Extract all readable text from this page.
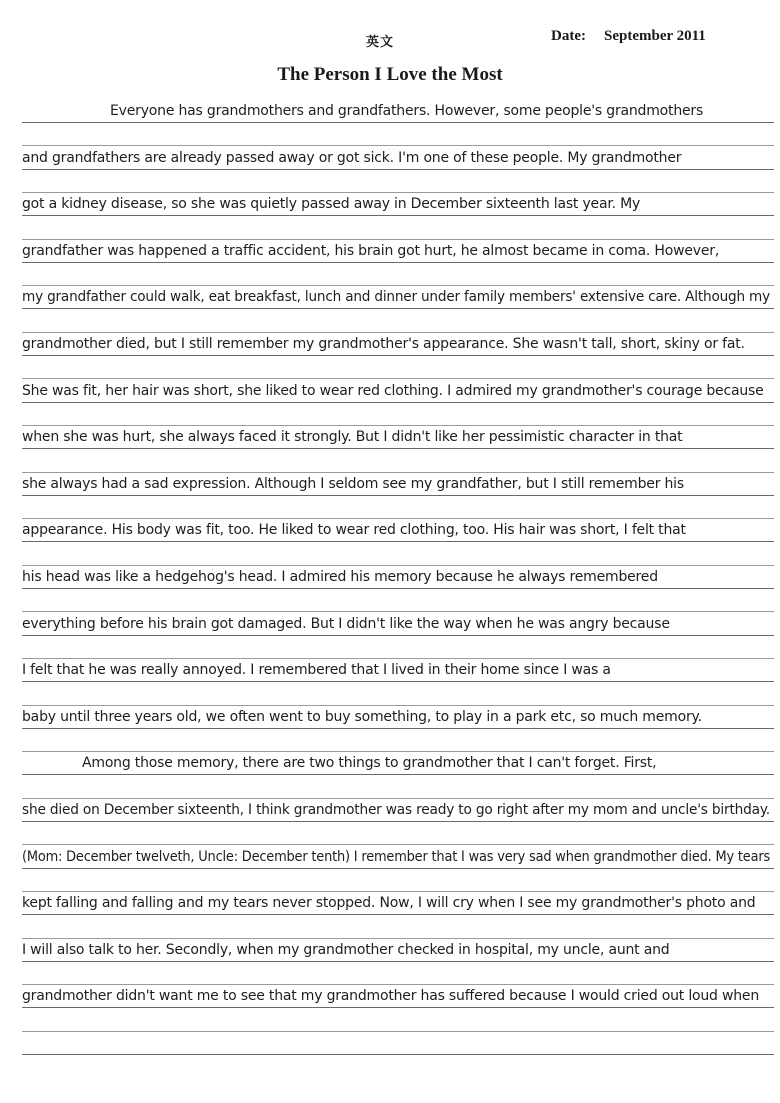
英文	Date: September 2011
The Person I Love the Most
Everyone has grandmothers and grandfathers. However, some people's grandmothers
and grandfathers are already passed away or got sick. I'm one of these people. My grandmother
got a kidney disease, so she was quietly passed away in December sixteenth last year. My
grandfather was happened a traffic accident, his brain got hurt, he almost became in coma. However,
my grandfather could walk, eat breakfast, lunch and dinner under family members' extensive care. Although my
grandmother died, but I still remember my grandmother's appearance. She wasn't tall, short, skiny or fat.
She was fit, her hair was short, she liked to wear red clothing. I admired my grandmother's courage because
when she was hurt, she always faced it strongly. But I didn't like her pessimistic character in that
she always had a sad expression. Although I seldom see my grandfather, but I still remember his
appearance. His body was fit, too. He liked to wear red clothing, too. His hair was short, I felt that
his head was like a hedgehog's head. I admired his memory because he always remembered
everything before his brain got damaged. But I didn't like the way when he was angry because
I felt that he was really annoyed. I remembered that I lived in their home since I was a
baby until three years old, we often went to buy something, to play in a park etc, so much memory.
Among those memory, there are two things to grandmother that I can't forget. First,
she died on December sixteenth, I think grandmother was ready to go right after my mom and uncle's birthday.
(Mom: December twelveth, Uncle: December tenth) I remember that I was very sad when grandmother died. My tears
kept falling and falling and my tears never stopped. Now, I will cry when I see my grandmother's photo and
I will also talk to her. Secondly, when my grandmother checked in hospital, my uncle, aunt and
grandmother didn't want me to see that my grandmother has suffered because I would cried out loud when
